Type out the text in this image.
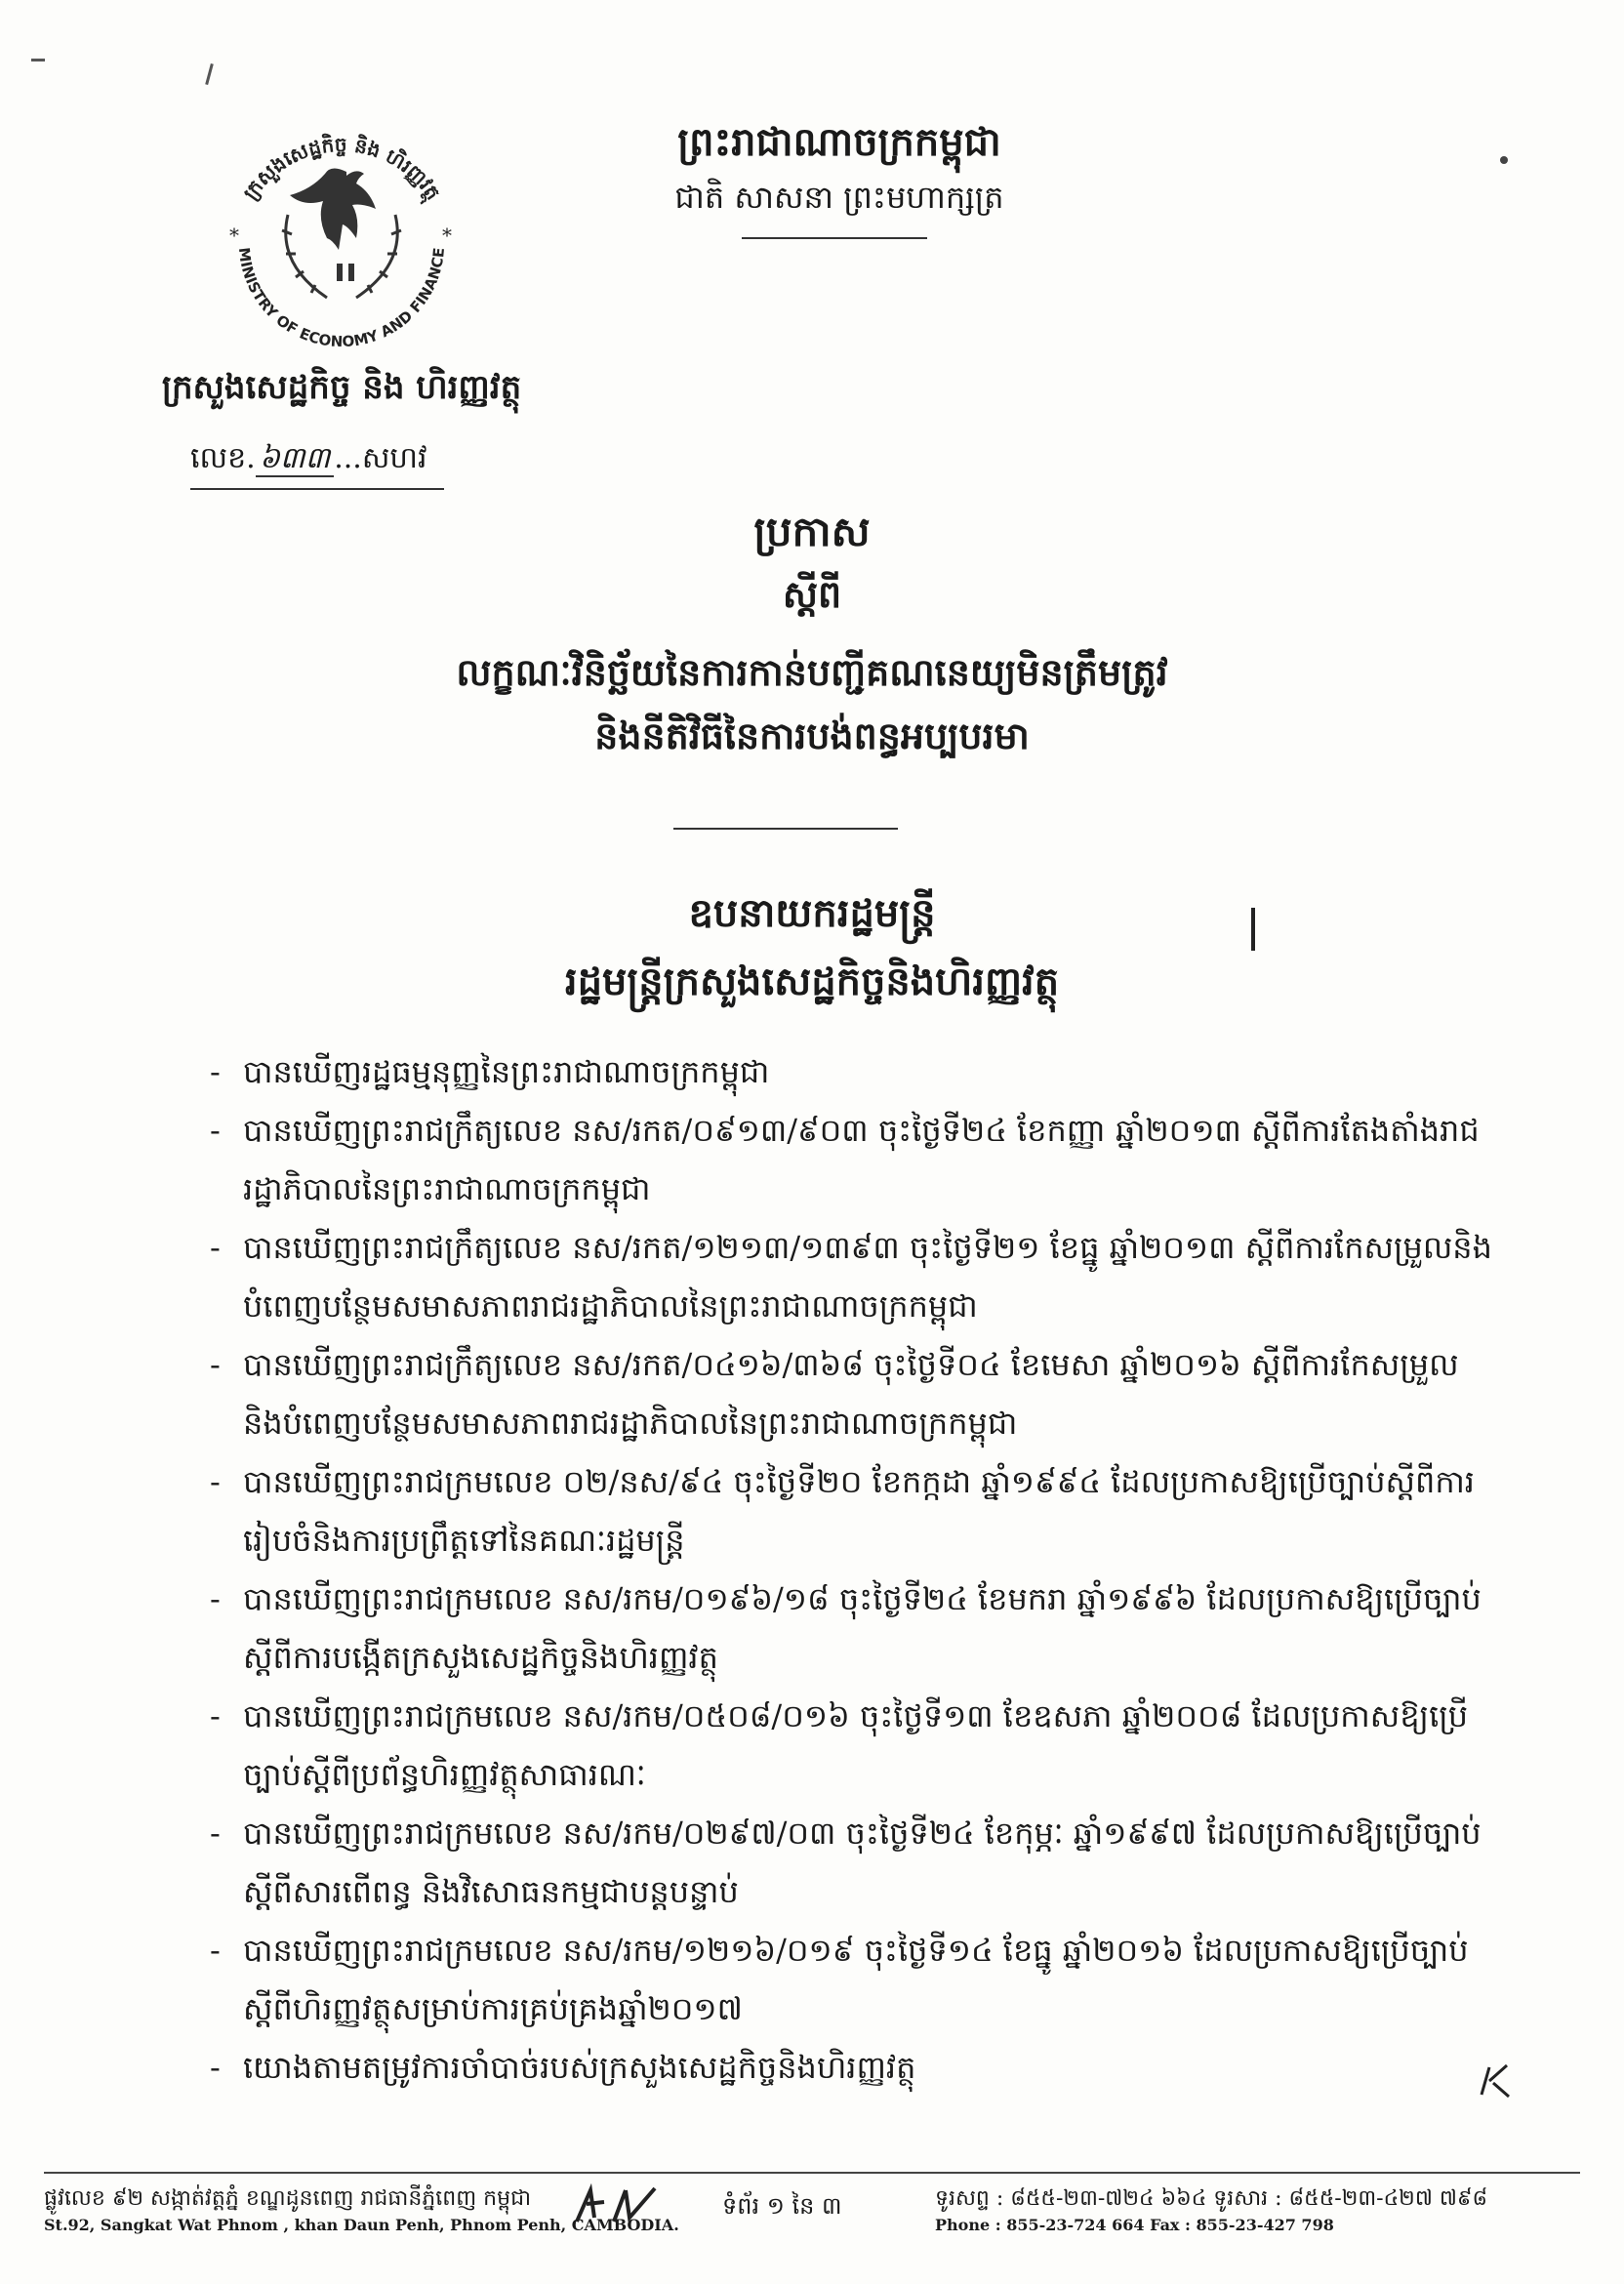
ក្រសួងសេដ្ឋកិច្ច និង ហិរញ្ញវត្ថុ
MINISTRY OF ECONOMY AND FINANCE
*	*
ក្រសួងសេដ្ឋកិច្ច និង ហិរញ្ញវត្ថុ
លេខ. ៦៣៣ ...សហវ
ព្រះរាជាណាចក្រកម្ពុជា
ជាតិ សាសនា ព្រះមហាក្សត្រ
ប្រកាស
ស្តីពី
លក្ខណៈវិនិច្ឆ័យនៃការកាន់បញ្ជីគណនេយ្យមិនត្រឹមត្រូវ
និងនីតិវិធីនៃការបង់ពន្ធអប្បបរមា
ឧបនាយករដ្ឋមន្ត្រី
រដ្ឋមន្ត្រីក្រសួងសេដ្ឋកិច្ចនិងហិរញ្ញវត្ថុ
- បានឃើញរដ្ឋធម្មនុញ្ញនៃព្រះរាជាណាចក្រកម្ពុជា
- បានឃើញព្រះរាជក្រឹត្យលេខ នស/រកត/០៩១៣/៩០៣ ចុះថ្ងៃទី២៤ ខែកញ្ញា ឆ្នាំ២០១៣ ស្តីពីការតែងតាំងរាជរដ្ឋាភិបាលនៃព្រះរាជាណាចក្រកម្ពុជា
- បានឃើញព្រះរាជក្រឹត្យលេខ នស/រកត/១២១៣/១៣៩៣ ចុះថ្ងៃទី២១ ខែធ្នូ ឆ្នាំ២០១៣ ស្តីពីការកែសម្រួលនិងបំពេញបន្ថែមសមាសភាពរាជរដ្ឋាភិបាលនៃព្រះរាជាណាចក្រកម្ពុជា
- បានឃើញព្រះរាជក្រឹត្យលេខ នស/រកត/០៤១៦/៣៦៨ ចុះថ្ងៃទី០៤ ខែមេសា ឆ្នាំ២០១៦ ស្តីពីការកែសម្រួលនិងបំពេញបន្ថែមសមាសភាពរាជរដ្ឋាភិបាលនៃព្រះរាជាណាចក្រកម្ពុជា
- បានឃើញព្រះរាជក្រមលេខ ០២/នស/៩៤ ចុះថ្ងៃទី២០ ខែកក្កដា ឆ្នាំ១៩៩៤ ដែលប្រកាសឱ្យប្រើច្បាប់ស្តីពីការរៀបចំនិងការប្រព្រឹត្តទៅនៃគណៈរដ្ឋមន្ត្រី
- បានឃើញព្រះរាជក្រមលេខ នស/រកម/០១៩៦/១៨ ចុះថ្ងៃទី២៤ ខែមករា ឆ្នាំ១៩៩៦ ដែលប្រកាសឱ្យប្រើច្បាប់ស្តីពីការបង្កើតក្រសួងសេដ្ឋកិច្ចនិងហិរញ្ញវត្ថុ
- បានឃើញព្រះរាជក្រមលេខ នស/រកម/០៥០៨/០១៦ ចុះថ្ងៃទី១៣ ខែឧសភា ឆ្នាំ២០០៨ ដែលប្រកាសឱ្យប្រើច្បាប់ស្តីពីប្រព័ន្ធហិរញ្ញវត្ថុសាធារណៈ
- បានឃើញព្រះរាជក្រមលេខ នស/រកម/០២៩៧/០៣ ចុះថ្ងៃទី២៤ ខែកុម្ភៈ ឆ្នាំ១៩៩៧ ដែលប្រកាសឱ្យប្រើច្បាប់ស្តីពីសារពើពន្ធ និងវិសោធនកម្មជាបន្តបន្ទាប់
- បានឃើញព្រះរាជក្រមលេខ នស/រកម/១២១៦/០១៩ ចុះថ្ងៃទី១៤ ខែធ្នូ ឆ្នាំ២០១៦ ដែលប្រកាសឱ្យប្រើច្បាប់ស្តីពីហិរញ្ញវត្ថុសម្រាប់ការគ្រប់គ្រងឆ្នាំ២០១៧
- យោងតាមតម្រូវការចាំបាច់របស់ក្រសួងសេដ្ឋកិច្ចនិងហិរញ្ញវត្ថុ
ផ្លូវលេខ ៩២ សង្កាត់វត្តភ្នំ ខណ្ឌដូនពេញ រាជធានីភ្នំពេញ កម្ពុជា
St.92, Sangkat Wat Phnom , khan Daun Penh, Phnom Penh, CAMBODIA.
ទំព័រ ១ នៃ ៣	ទូរសព្ទ : ៨៥៥-២៣-៧២៤ ៦៦៤ ទូរសារ : ៨៥៥-២៣-៤២៧ ៧៩៨
Phone : 855-23-724 664 Fax : 855-23-427 798
